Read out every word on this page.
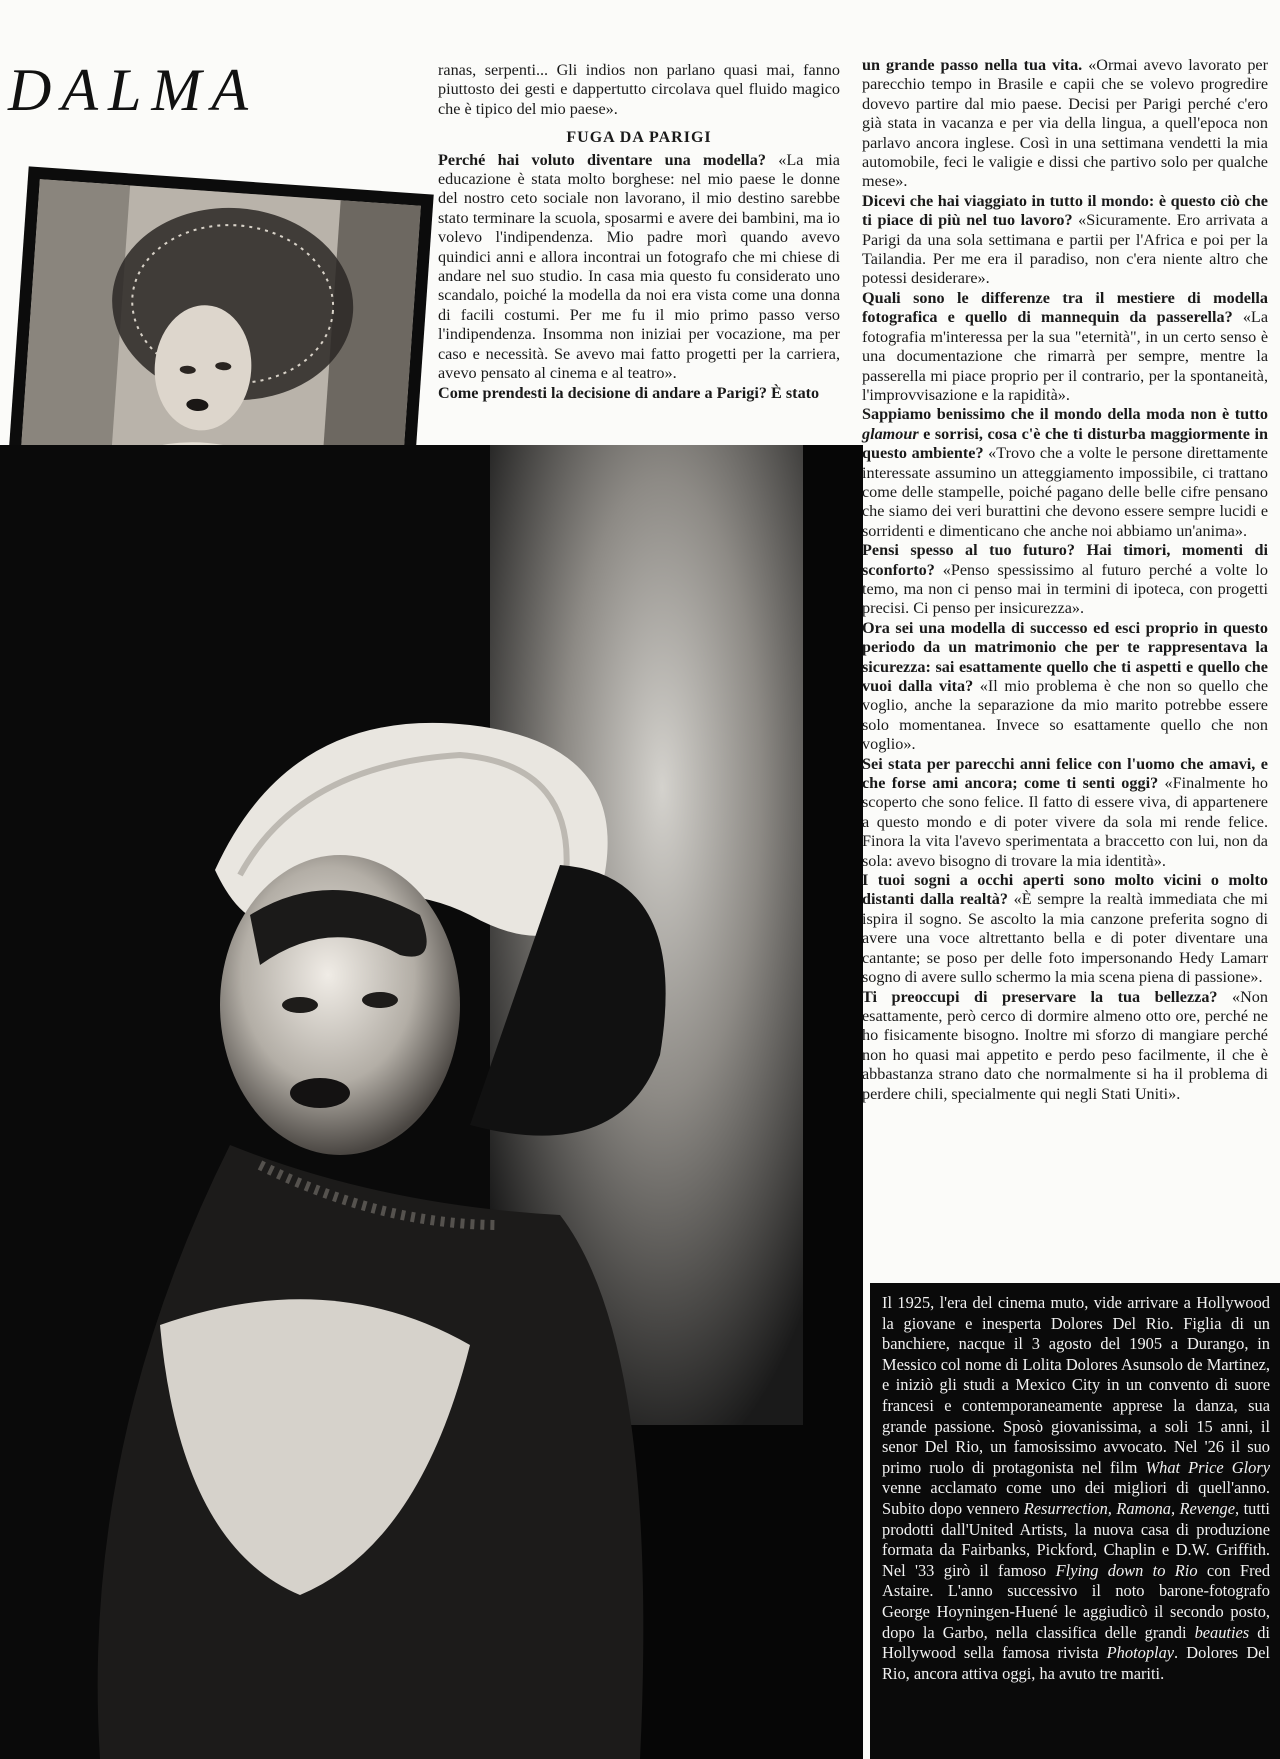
DALMA	ranas, serpenti... Gli indios non parlano quasi mai, fanno piuttosto dei gesti e dappertutto circolava quel fluido magico che è tipico del mio paese».

FUGA DA PARIGI

Perché hai voluto diventare una modella? «La mia educazione è stata molto borghese: nel mio paese le donne del nostro ceto sociale non lavorano, il mio destino sarebbe stato terminare la scuola, sposarmi e avere dei bambini, ma io volevo l'indipendenza. Mio padre morì quando avevo quindici anni e allora incontrai un fotografo che mi chiese di andare nel suo studio. In casa mia questo fu considerato uno scandalo, poiché la modella da noi era vista come una donna di facili costumi. Per me fu il mio primo passo verso l'indipendenza. Insomma non iniziai per vocazione, ma per caso e necessità. Se avevo mai fatto progetti per la carriera, avevo pensato al cinema e al teatro».

Come prendesti la decisione di andare a Parigi? È stato

un grande passo nella tua vita. «Ormai avevo lavorato per parecchio tempo in Brasile e capii che se volevo progredire dovevo partire dal mio paese. Decisi per Parigi perché c'ero già stata in vacanza e per via della lingua, a quell'epoca non parlavo ancora inglese. Così in una settimana vendetti la mia automobile, feci le valigie e dissi che partivo solo per qualche mese».

Dicevi che hai viaggiato in tutto il mondo: è questo ciò che ti piace di più nel tuo lavoro? «Sicuramente. Ero arrivata a Parigi da una sola settimana e partii per l'Africa e poi per la Tailandia. Per me era il paradiso, non c'era niente altro che potessi desiderare».

Quali sono le differenze tra il mestiere di modella fotografica e quello di mannequin da passerella? «La fotografia m'interessa per la sua "eternità", in un certo senso è una documentazione che rimarrà per sempre, mentre la passerella mi piace proprio per il contrario, per la spontaneità, l'improvvisazione e la rapidità».

Sappiamo benissimo che il mondo della moda non è tutto glamour e sorrisi, cosa c'è che ti disturba maggiormente in questo ambiente? «Trovo che a volte le persone direttamente interessate assumino un atteggiamento impossibile, ci trattano come delle stampelle, poiché pagano delle belle cifre pensano che siamo dei veri burattini che devono essere sempre lucidi e sorridenti e dimenticano che anche noi abbiamo un'anima».

Pensi spesso al tuo futuro? Hai timori, momenti di sconforto? «Penso spessissimo al futuro perché a volte lo temo, ma non ci penso mai in termini di ipoteca, con progetti precisi. Ci penso per insicurezza».

Ora sei una modella di successo ed esci proprio in questo periodo da un matrimonio che per te rappresentava la sicurezza: sai esattamente quello che ti aspetti e quello che vuoi dalla vita? «Il mio problema è che non so quello che voglio, anche la separazione da mio marito potrebbe essere solo momentanea. Invece so esattamente quello che non voglio».

Sei stata per parecchi anni felice con l'uomo che amavi, e che forse ami ancora; come ti senti oggi? «Finalmente ho scoperto che sono felice. Il fatto di essere viva, di appartenere a questo mondo e di poter vivere da sola mi rende felice. Finora la vita l'avevo sperimentata a braccetto con lui, non da sola: avevo bisogno di trovare la mia identità».

I tuoi sogni a occhi aperti sono molto vicini o molto distanti dalla realtà? «È sempre la realtà immediata che mi ispira il sogno. Se ascolto la mia canzone preferita sogno di avere una voce altrettanto bella e di poter diventare una cantante; se poso per delle foto impersonando Hedy Lamarr sogno di avere sullo schermo la mia scena piena di passione».

Ti preoccupi di preservare la tua bellezza? «Non esattamente, però cerco di dormire almeno otto ore, perché ne ho fisicamente bisogno. Inoltre mi sforzo di mangiare perché non ho quasi mai appetito e perdo peso facilmente, il che è abbastanza strano dato che normalmente si ha il problema di perdere chili, specialmente qui negli Stati Uniti».

Il 1925, l'era del cinema muto, vide arrivare a Hollywood la giovane e inesperta Dolores Del Rio. Figlia di un banchiere, nacque il 3 agosto del 1905 a Durango, in Messico col nome di Lolita Dolores Asunsolo de Martinez, e iniziò gli studi a Mexico City in un convento di suore francesi e contemporaneamente apprese la danza, sua grande passione. Sposò giovanissima, a soli 15 anni, il senor Del Rio, un famosissimo avvocato. Nel '26 il suo primo ruolo di protagonista nel film What Price Glory venne acclamato come uno dei migliori di quell'anno. Subito dopo vennero Resurrection, Ramona, Revenge, tutti prodotti dall'United Artists, la nuova casa di produzione formata da Fairbanks, Pickford, Chaplin e D.W. Griffith. Nel '33 girò il famoso Flying down to Rio con Fred Astaire. L'anno successivo il noto barone-fotografo George Hoyningen-Huené le aggiudicò il secondo posto, dopo la Garbo, nella classifica delle grandi beauties di Hollywood sella famosa rivista Photoplay. Dolores Del Rio, ancora attiva oggi, ha avuto tre mariti.
